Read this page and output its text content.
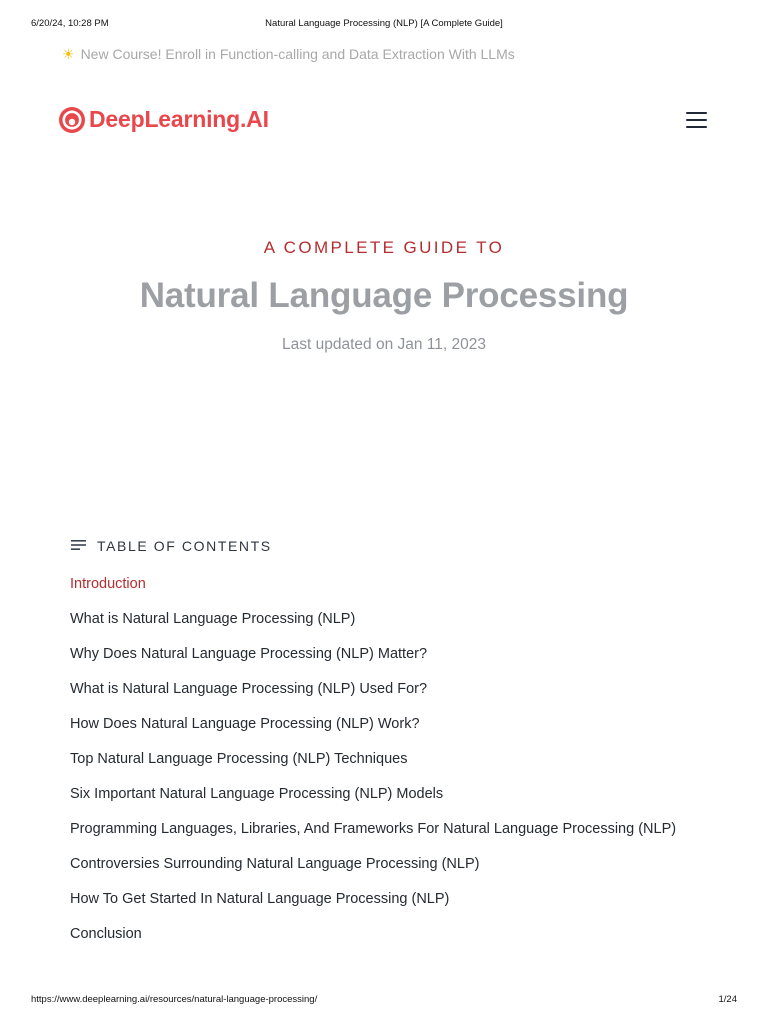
6/20/24, 10:28 PM	Natural Language Processing (NLP) [A Complete Guide]
☀ New Course! Enroll in Function-calling and Data Extraction With LLMs
DeepLearning.AI

A COMPLETE GUIDE TO

Natural Language Processing

Last updated on Jan 11, 2023

TABLE OF CONTENTS
Introduction
What is Natural Language Processing (NLP)
Why Does Natural Language Processing (NLP) Matter?
What is Natural Language Processing (NLP) Used For?
How Does Natural Language Processing (NLP) Work?
Top Natural Language Processing (NLP) Techniques
Six Important Natural Language Processing (NLP) Models
Programming Languages, Libraries, And Frameworks For Natural Language Processing (NLP)
Controversies Surrounding Natural Language Processing (NLP)
How To Get Started In Natural Language Processing (NLP)
Conclusion
https://www.deeplearning.ai/resources/natural-language-processing/	1/24
